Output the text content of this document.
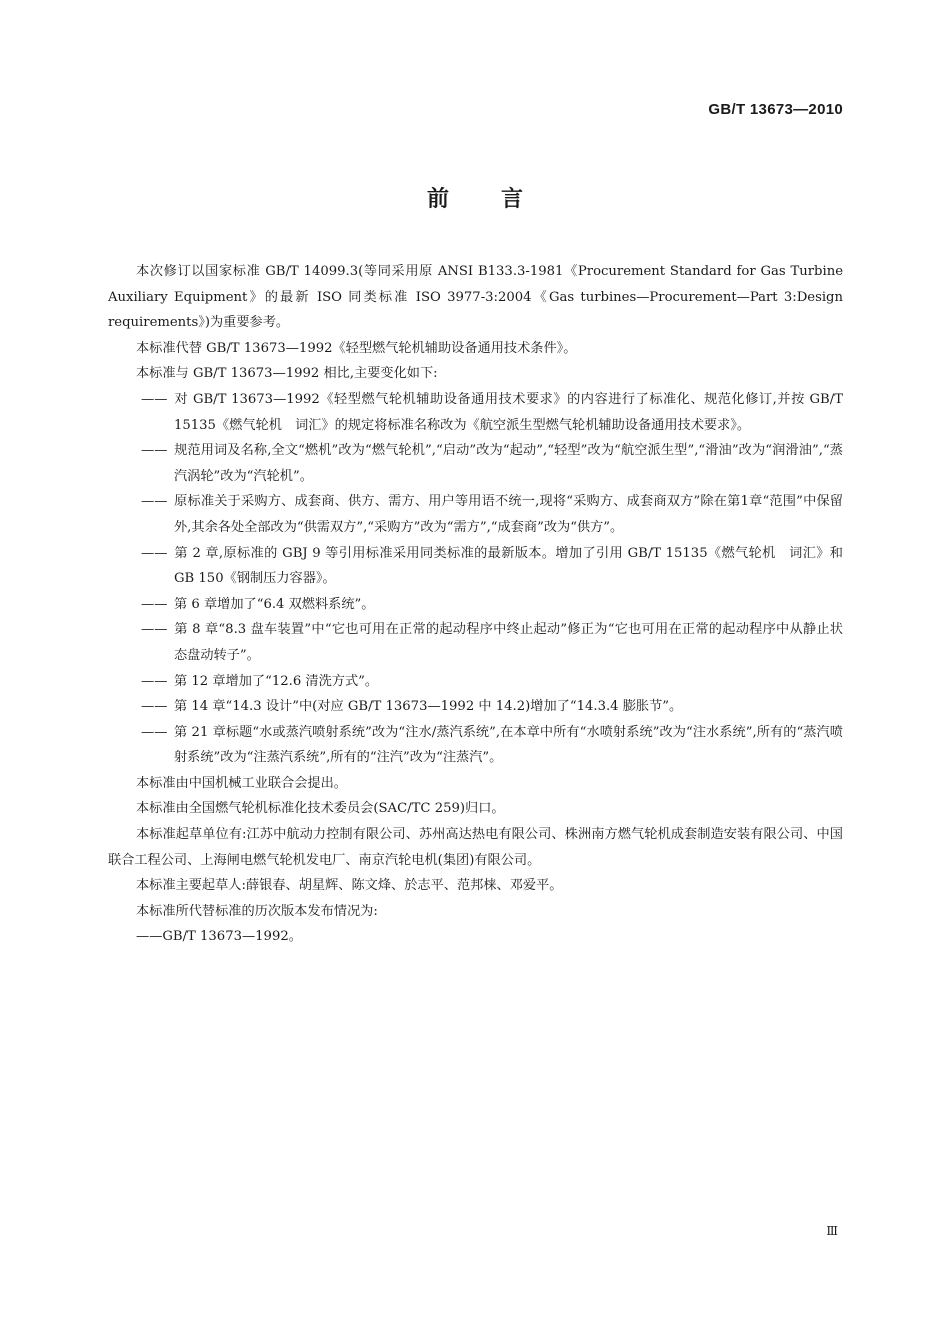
GB/T 13673—2010
前 言

本次修订以国家标准 GB/T 14099.3(等同采用原 ANSI B133.3-1981《Procurement Standard for Gas Turbine Auxiliary Equipment》的最新 ISO 同类标准 ISO 3977-3:2004《Gas turbines—Procurement—Part 3:Design requirements》)为重要参考。

本标准代替 GB/T 13673—1992《轻型燃气轮机辅助设备通用技术条件》。

本标准与 GB/T 13673—1992 相比,主要变化如下:

—— 对 GB/T 13673—1992《轻型燃气轮机辅助设备通用技术要求》的内容进行了标准化、规范化修订,并按 GB/T 15135《燃气轮机　词汇》的规定将标准名称改为《航空派生型燃气轮机辅助设备通用技术要求》。

—— 规范用词及名称,全文“燃机”改为“燃气轮机”,“启动”改为“起动”,“轻型”改为“航空派生型”,“滑油”改为“润滑油”,“蒸汽涡轮”改为“汽轮机”。

—— 原标准关于采购方、成套商、供方、需方、用户等用语不统一,现将“采购方、成套商双方”除在第1章“范围”中保留外,其余各处全部改为“供需双方”,“采购方”改为“需方”,“成套商”改为“供方”。

—— 第 2 章,原标准的 GBJ 9 等引用标准采用同类标准的最新版本。增加了引用 GB/T 15135《燃气轮机　词汇》和 GB 150《钢制压力容器》。

—— 第 6 章增加了“6.4 双燃料系统”。

—— 第 8 章“8.3 盘车装置”中“它也可用在正常的起动程序中终止起动”修正为“它也可用在正常的起动程序中从静止状态盘动转子”。

—— 第 12 章增加了“12.6 清洗方式”。

—— 第 14 章“14.3 设计”中(对应 GB/T 13673—1992 中 14.2)增加了“14.3.4 膨胀节”。

—— 第 21 章标题“水或蒸汽喷射系统”改为“注水/蒸汽系统”,在本章中所有“水喷射系统”改为“注水系统”,所有的“蒸汽喷射系统”改为“注蒸汽系统”,所有的“注汽”改为“注蒸汽”。

本标准由中国机械工业联合会提出。

本标准由全国燃气轮机标准化技术委员会(SAC/TC 259)归口。

本标准起草单位有:江苏中航动力控制有限公司、苏州高达热电有限公司、株洲南方燃气轮机成套制造安装有限公司、中国联合工程公司、上海闸电燃气轮机发电厂、南京汽轮电机(集团)有限公司。

本标准主要起草人:薛银春、胡星辉、陈文烽、於志平、范邦梾、邓爱平。

本标准所代替标准的历次版本发布情况为:

——GB/T 13673—1992。

Ⅲ
